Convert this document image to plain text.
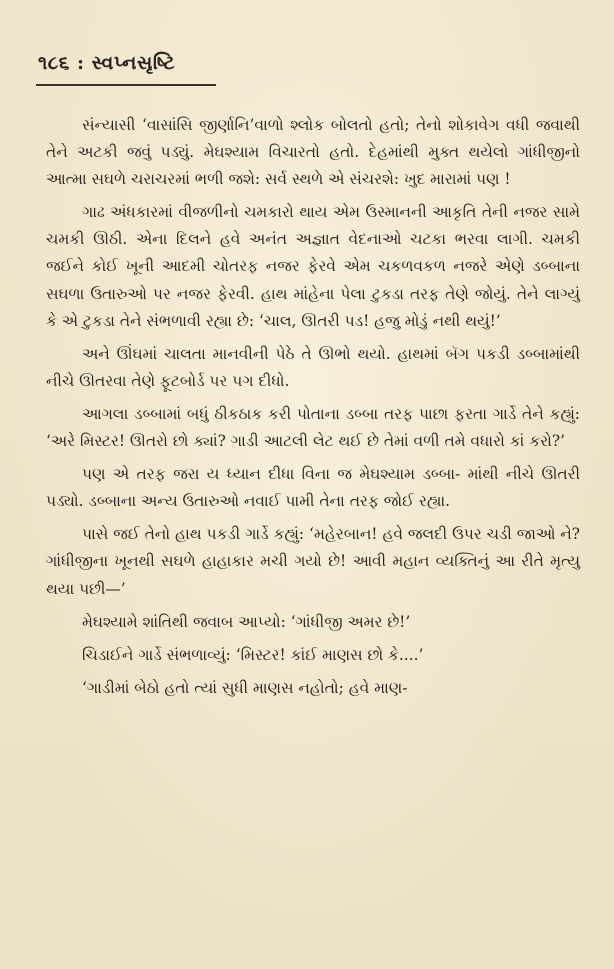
૧૮૬ : સ્વપ્નસૃષ્ટિ

સંન્યાસી ‘વાસાંસિ જીર્ણાનિ’વાળો શ્લોક બોલતો હતો; તેનો શોકાવેગ વધી જવાથી તેને અટકી જવું પડ્યું. મેઘશ્યામ વિચારતો હતો. દેહમાંથી મુક્ત થયેલો ગાંધીજીનો આત્મા સઘળે ચરાચરમાં ભળી જશે: સર્વ સ્થળે એ સંચરશે: ખુદ મારામાં પણ !

ગાઢ અંધકારમાં વીજળીનો ચમકારો થાય એમ ઉસ્માનની આકૃતિ તેની નજર સામે ચમકી ઊઠી. એના દિલને હવે અનંત અજ્ઞાત વેદનાઓ ચટકા ભરવા લાગી. ચમકી જઈને કોઈ ખૂની આદમી ચોતરફ નજર ફેરવે એમ ચકળવકળ નજરે એણે ડબ્બાના સઘળા ઉતારુઓ પર નજર ફેરવી. હાથ માંહેના પેલા ટુકડા તરફ તેણે જોયું. તેને લાગ્યું કે એ ટુકડા તેને સંભળાવી રહ્યા છે: ‘ચાલ, ઊતરી પડ! હજુ મોડું નથી થયું!’

અને ઊંઘમાં ચાલતા માનવીની પેઠે તે ઊભો થયો. હાથમાં બૅગ પકડી ડબ્બામાંથી નીચે ઊતરવા તેણે ફૂટબોર્ડ પર પગ દીધો.

આગલા ડબ્બામાં બધું ઠીકઠાક કરી પોતાના ડબ્બા તરફ પાછા ફરતા ગાર્ડે તેને કહ્યું: ‘અરે મિસ્ટર! ઊતરો છો ક્યાં? ગાડી આટલી લેટ થઈ છે તેમાં વળી તમે વધારો કાં કરો?’

પણ એ તરફ જરા ય ધ્યાન દીધા વિના જ મેઘશ્યામ ડબ્બા- માંથી નીચે ઊતરી પડ્યો. ડબ્બાના અન્ય ઉતારુઓ નવાઈ પામી તેના તરફ જોઈ રહ્યા.

પાસે જઈ તેનો હાથ પકડી ગાર્ડે કહ્યું: ‘મહેરબાન! હવે જલદી ઉપર ચડી જાઓ ને? ગાંધીજીના ખૂનથી સઘળે હાહાકાર મચી ગયો છે! આવી મહાન વ્યક્તિનું આ રીતે મૃત્યુ થયા પછી—’

મેઘશ્યામે શાંતિથી જવાબ આપ્યો: ‘ગાંધીજી અમર છે!’

ચિડાઈને ગાર્ડે સંભળાવ્યું: ‘મિસ્ટર! કાંઈ માણસ છો કે....’

‘ગાડીમાં બેઠો હતો ત્યાં સુધી માણસ નહોતો; હવે માણ-
